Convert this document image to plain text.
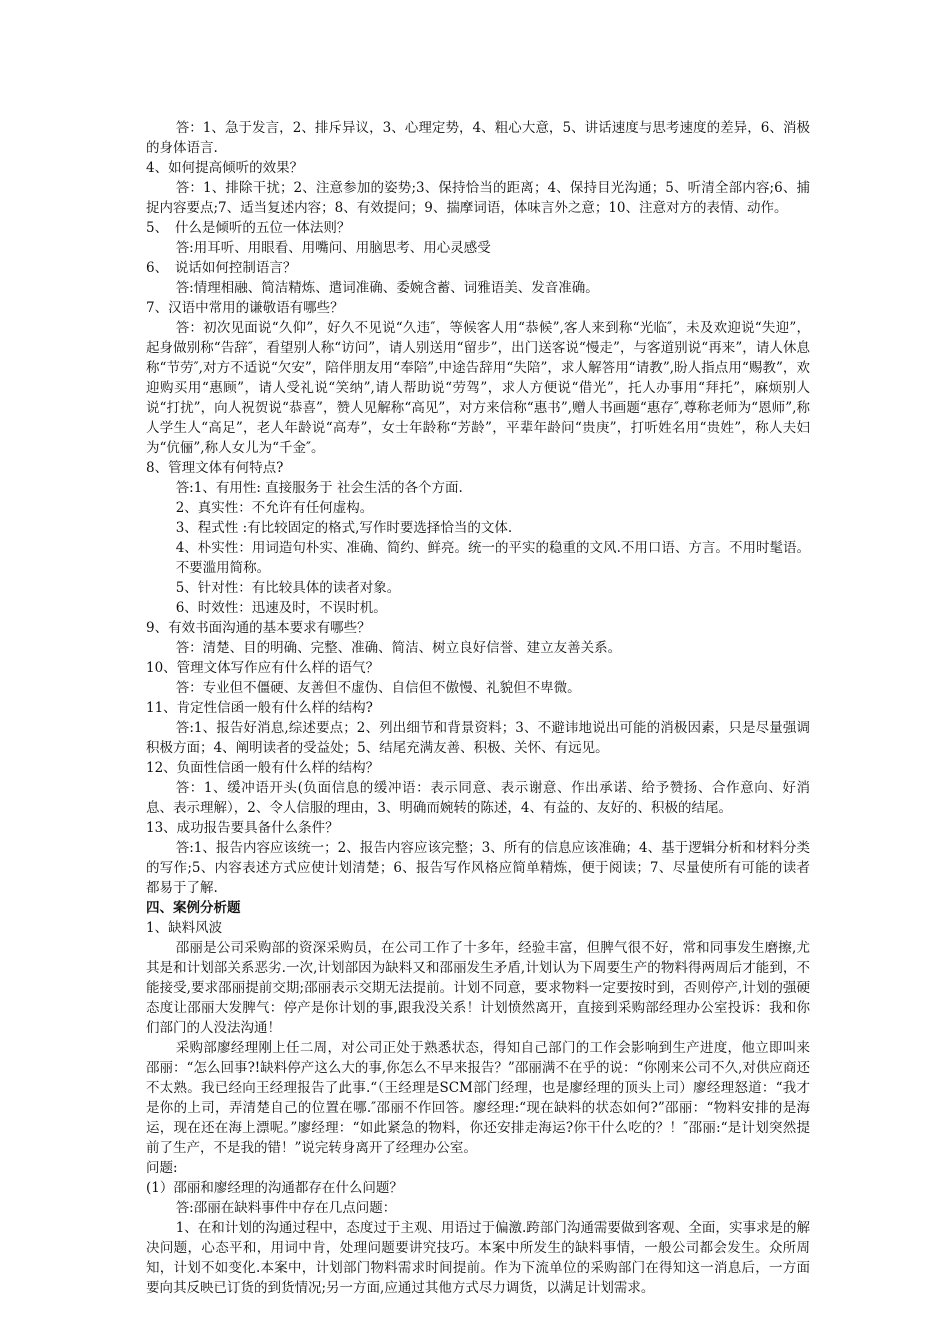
答：1、急于发言，2、排斥异议，3、心理定势，4、粗心大意，5、讲话速度与思考速度的差异，6、消极的身体语言.

4、如何提高倾听的效果？

答：1、排除干扰；2、注意参加的姿势;3、保持恰当的距离；4、保持目光沟通；5、听清全部内容;6、捕捉内容要点;7、适当复述内容；8、有效提问；9、揣摩词语，体味言外之意；10、注意对方的表情、动作。

5、　什么是倾听的五位一体法则？

答:用耳听、用眼看、用嘴问、用脑思考、用心灵感受

6、　说话如何控制语言？

答:情理相融、简洁精炼、遣词准确、委婉含蓄、词雅语美、发音准确。

7、汉语中常用的谦敬语有哪些？

答：初次见面说“久仰”，好久不见说“久违″，等候客人用“恭候”,客人来到称“光临″，未及欢迎说“失迎”，起身做别称“告辞″，看望别人称“访问”，请人别送用“留步”，出门送客说“慢走”，与客道别说“再来”，请人休息称“节劳″,对方不适说“欠安”，陪伴朋友用“奉陪”,中途告辞用“失陪”，求人解答用“请教”,盼人指点用“赐教”，欢迎购买用“惠顾”，请人受礼说“笑纳”,请人帮助说“劳驾”，求人方便说“借光”，托人办事用“拜托”，麻烦别人说“打扰”，向人祝贺说“恭喜”，赞人见解称“高见”，对方来信称“惠书”,赠人书画题“惠存″,尊称老师为“恩师”,称人学生人“高足”，老人年龄说“高寿”，女士年龄称“芳龄”，平辈年龄问“贵庚”，打听姓名用“贵姓”，称人夫妇为“伉俪”,称人女儿为“千金″。

8、管理文体有何特点?

答:1、有用性: 直接服务于 社会生活的各个方面.

2、真实性：不允许有任何虚构。

3、程式性 :有比较固定的格式,写作时要选择恰当的文体.

4、朴实性：用词造句朴实、准确、简约、鲜亮。统一的平实的稳重的文风.不用口语、方言。不用时髦语。不要滥用简称。

5、针对性：有比较具体的读者对象。

6、时效性：迅速及时，不误时机。

9、有效书面沟通的基本要求有哪些？

答：清楚、目的明确、完整、准确、简洁、树立良好信誉、建立友善关系。

10、管理文体写作应有什么样的语气？

答：专业但不僵硬、友善但不虚伪、自信但不傲慢、礼貌但不卑微。

11、肯定性信函一般有什么样的结构?

答:1、报告好消息,综述要点；2、列出细节和背景资料；3、不避讳地说出可能的消极因素，只是尽量强调积极方面；4、阐明读者的受益处；5、结尾充满友善、积极、关怀、有远见。

12、负面性信函一般有什么样的结构？

答：1、缓冲语开头(负面信息的缓冲语：表示同意、表示谢意、作出承诺、给予赞扬、合作意向、好消息、表示理解），2、令人信服的理由，3、明确而婉转的陈述，4、有益的、友好的、积极的结尾。

13、成功报告要具备什么条件？

答:1、报告内容应该统一；2、报告内容应该完整；3、所有的信息应该准确；4、基于逻辑分析和材料分类的写作;5、内容表述方式应使计划清楚；6、报告写作风格应简单精炼，便于阅读；7、尽量使所有可能的读者都易于了解.

四、案例分析题

1、缺料风波

邵丽是公司采购部的资深采购员，在公司工作了十多年，经验丰富，但脾气很不好，常和同事发生磨擦,尤其是和计划部关系恶劣.一次,计划部因为缺料又和邵丽发生矛盾,计划认为下周要生产的物料得两周后才能到，不能接受,要求邵丽提前交期;邵丽表示交期无法提前。计划不同意，要求物料一定要按时到，否则停产,计划的强硬态度让邵丽大发脾气：停产是你计划的事,跟我没关系！计划愤然离开，直接到采购部经理办公室投诉：我和你们部门的人没法沟通！

采购部廖经理刚上任二周，对公司正处于熟悉状态，得知自己部门的工作会影响到生产进度，他立即叫来邵丽：“怎么回事?!缺料停产这么大的事,你怎么不早来报告？”邵丽满不在乎的说：“你刚来公司不久,对供应商还不太熟。我已经向王经理报告了此事.“（王经理是SCM部门经理，也是廖经理的顶头上司）廖经理怒道：“我才是你的上司，弄清楚自己的位置在哪.″邵丽不作回答。廖经理:“现在缺料的状态如何?”邵丽：“物料安排的是海运，现在还在海上漂呢。”廖经理：“如此紧急的物料，你还安排走海运?你干什么吃的？！″邵丽:“是计划突然提前了生产，不是我的错！”说完转身离开了经理办公室。

问题:

(1）邵丽和廖经理的沟通都存在什么问题？

答:邵丽在缺料事件中存在几点问题：

1、在和计划的沟通过程中，态度过于主观、用语过于偏激.跨部门沟通需要做到客观、全面，实事求是的解决问题，心态平和，用词中肯，处理问题要讲究技巧。本案中所发生的缺料事情，一般公司都会发生。众所周知，计划不如变化.本案中，计划部门物料需求时间提前。作为下流单位的采购部门在得知这一消息后，一方面要向其反映已订货的到货情况;另一方面,应通过其他方式尽力调货，以满足计划需求。
